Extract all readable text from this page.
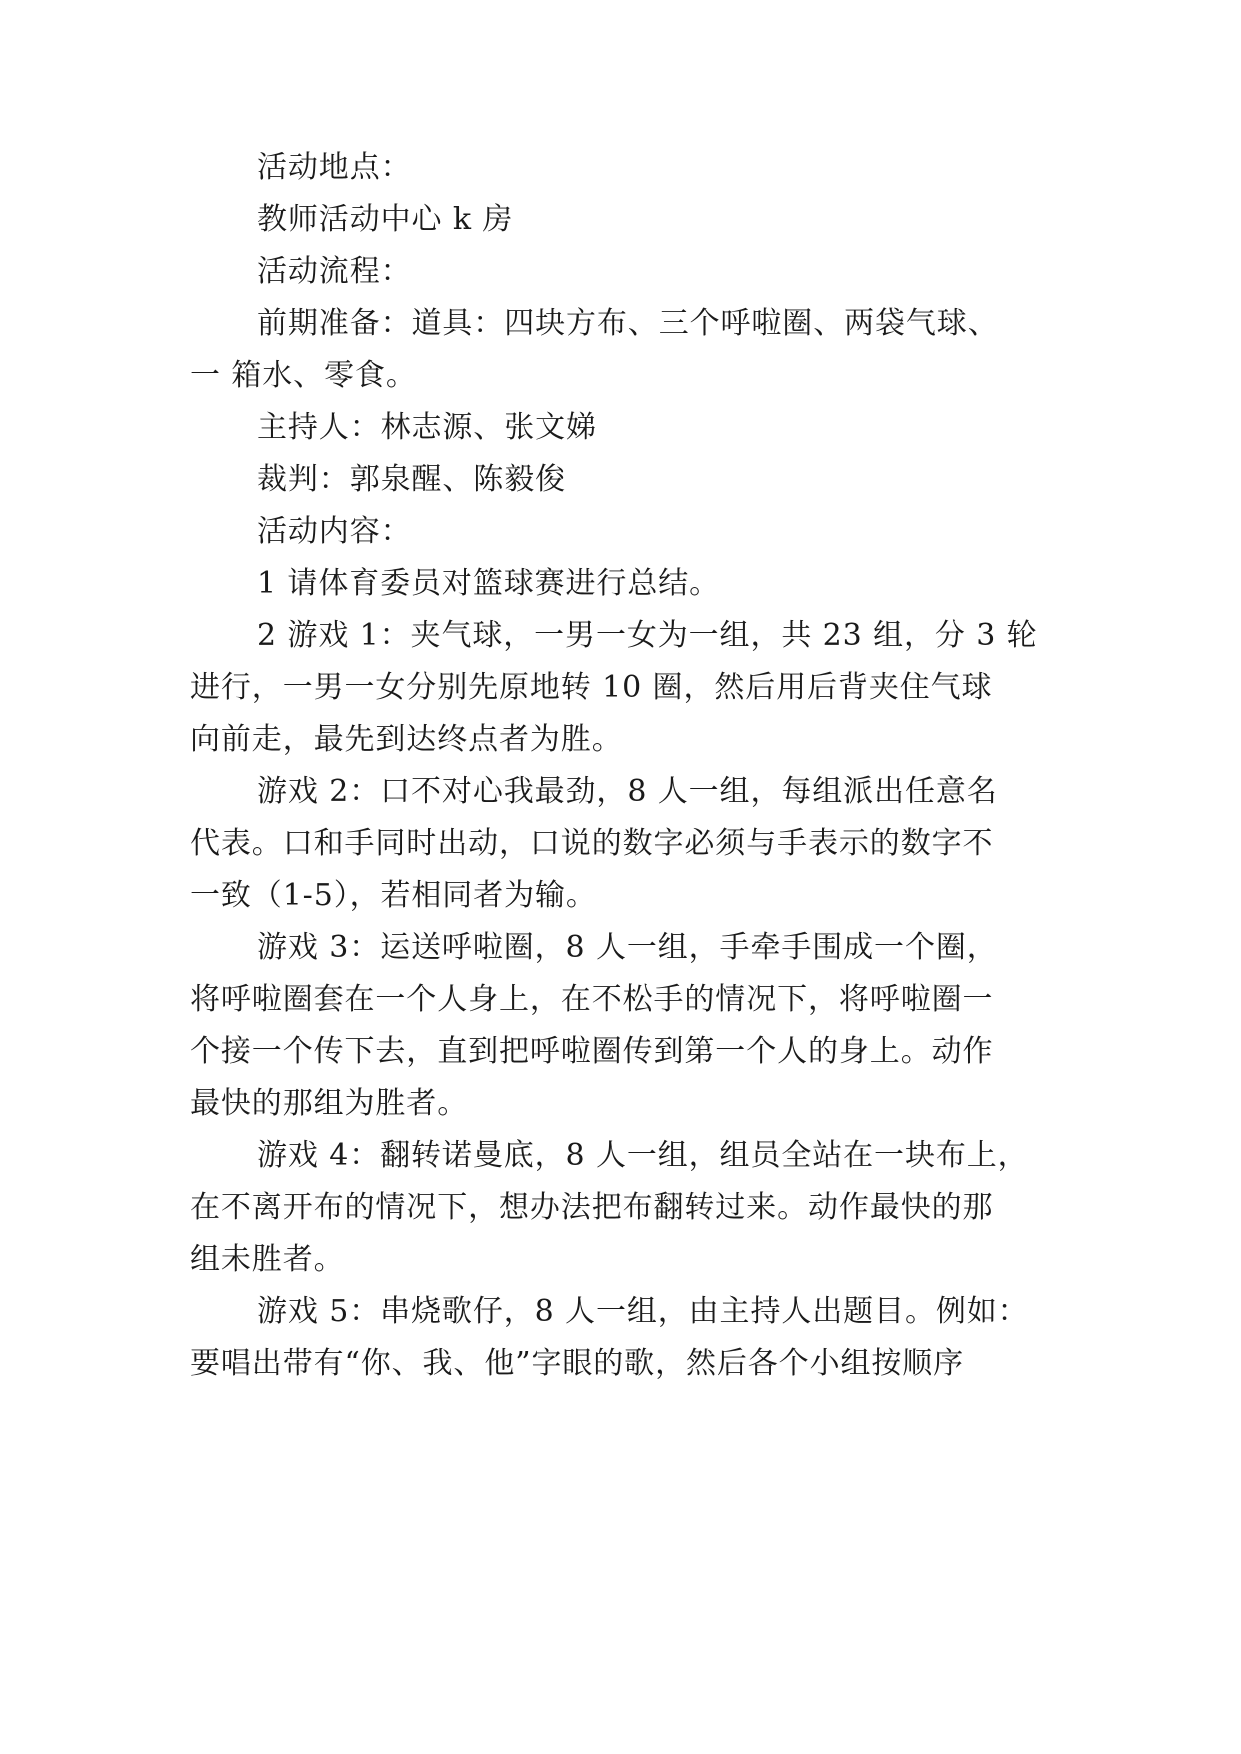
活动地点：
教师活动中心 k 房
活动流程：
前期准备：道具：四块方布、三个呼啦圈、两袋气球、
一 箱水、零食。
主持人：林志源、张文娣
裁判：郭泉醒、陈毅俊
活动内容：
1 请体育委员对篮球赛进行总结。
2 游戏 1：夹气球，一男一女为一组，共 23 组，分 3 轮
进行，一男一女分别先原地转 10 圈，然后用后背夹住气球
向前走，最先到达终点者为胜。
游戏 2：口不对心我最劲，8 人一组，每组派出任意名
代表。口和手同时出动，口说的数字必须与手表示的数字不
一致（1-5），若相同者为输。
游戏 3：运送呼啦圈，8 人一组，手牵手围成一个圈，
将呼啦圈套在一个人身上，在不松手的情况下，将呼啦圈一
个接一个传下去，直到把呼啦圈传到第一个人的身上。动作
最快的那组为胜者。
游戏 4：翻转诺曼底，8 人一组，组员全站在一块布上，
在不离开布的情况下，想办法把布翻转过来。动作最快的那
组未胜者。
游戏 5：串烧歌仔，8 人一组，由主持人出题目。例如：
要唱出带有“你、我、他”字眼的歌，然后各个小组按顺序
